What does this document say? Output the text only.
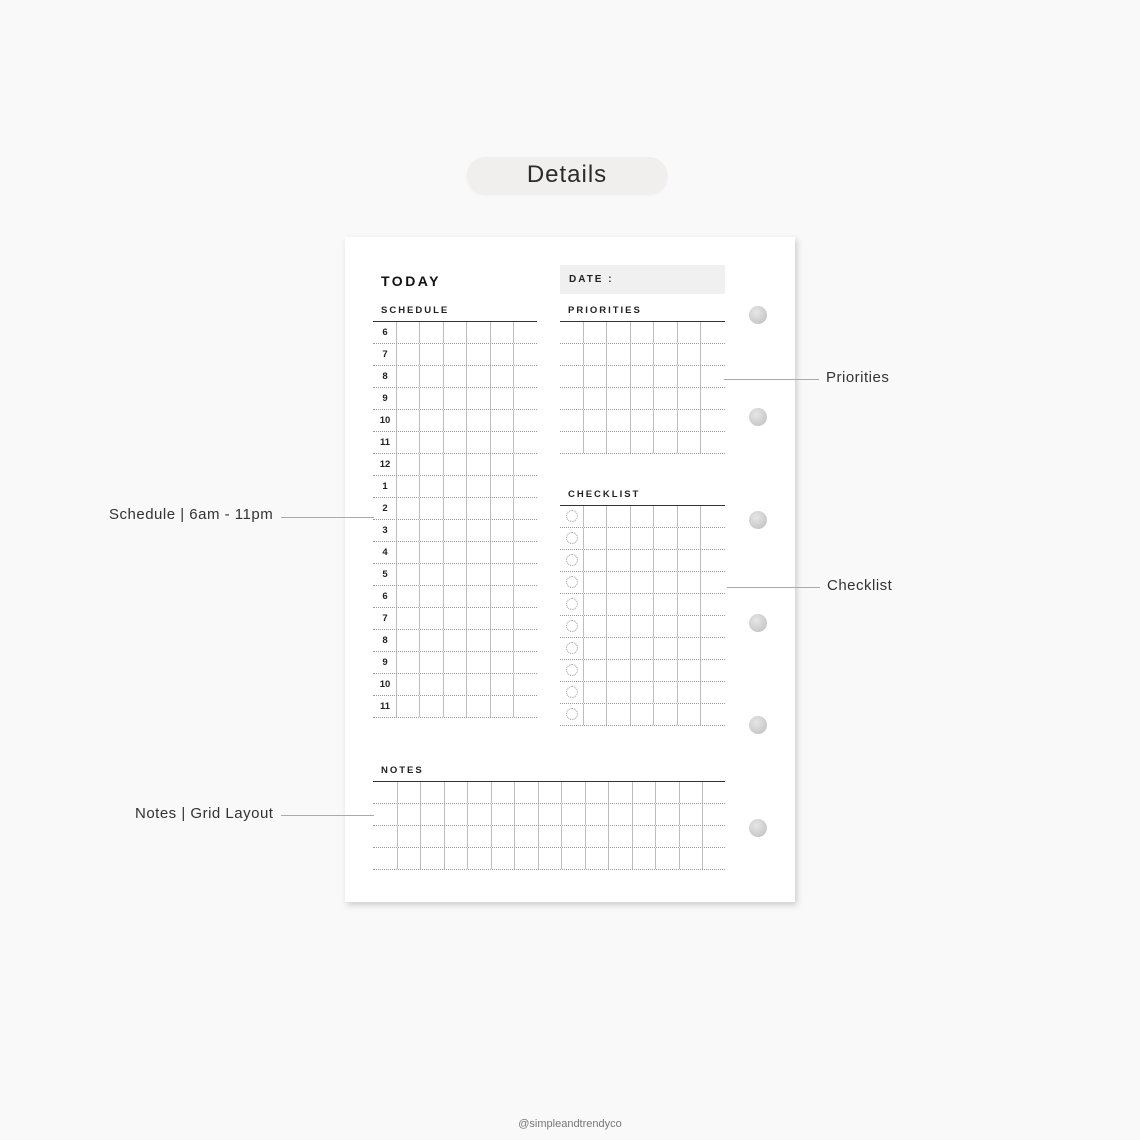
Details
TODAY	DATE :
SCHEDULE
6
7
8
9
10
11
12
1
2
3
4
5
6
7
8
9
10
11
PRIORITIES
CHECKLIST
NOTES
Priorities
Schedule | 6am - 11pm
Checklist
Notes | Grid Layout
@simpleandtrendyco
